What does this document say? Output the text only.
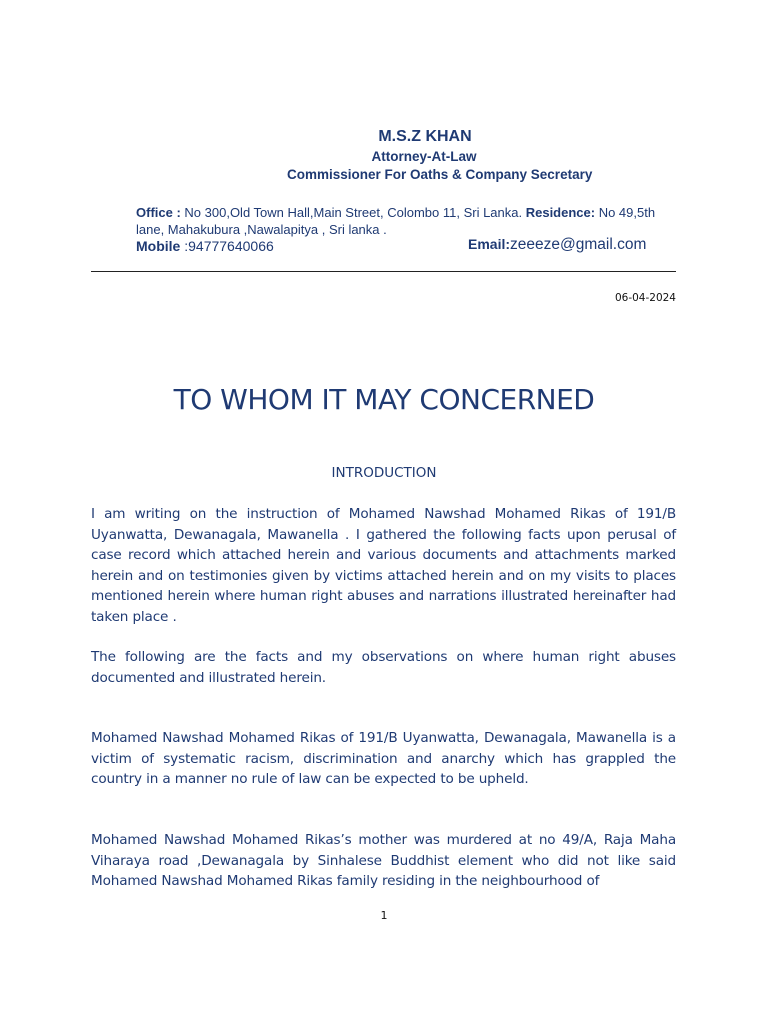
M.S.Z KHAN
Attorney-At-Law
Commissioner For Oaths & Company Secretary
Office : No 300,Old Town Hall,Main Street, Colombo 11, Sri Lanka. Residence: No 49,5th lane, Mahakubura ,Nawalapitya , Sri lanka .
Mobile :94777640066	Email:zeeeze@gmail.com
06-04-2024
TO WHOM IT MAY CONCERNED
INTRODUCTION

I am writing on the instruction of Mohamed Nawshad Mohamed Rikas of 191/B Uyanwatta, Dewanagala, Mawanella . I gathered the following facts upon perusal of case record which attached herein and various documents and attachments marked herein and on testimonies given by victims attached herein and on my visits to places mentioned herein where human right abuses and narrations illustrated hereinafter had taken place .

The following are the facts and my observations on where human right abuses documented and illustrated herein.

Mohamed Nawshad Mohamed Rikas of 191/B Uyanwatta, Dewanagala, Mawanella is a victim of systematic racism, discrimination and anarchy which has grappled the country in a manner no rule of law can be expected to be upheld.

Mohamed Nawshad Mohamed Rikas’s mother was murdered at no 49/A, Raja Maha Viharaya road ,Dewanagala by Sinhalese Buddhist element who did not like said Mohamed Nawshad Mohamed Rikas family residing in the neighbourhood of

1
